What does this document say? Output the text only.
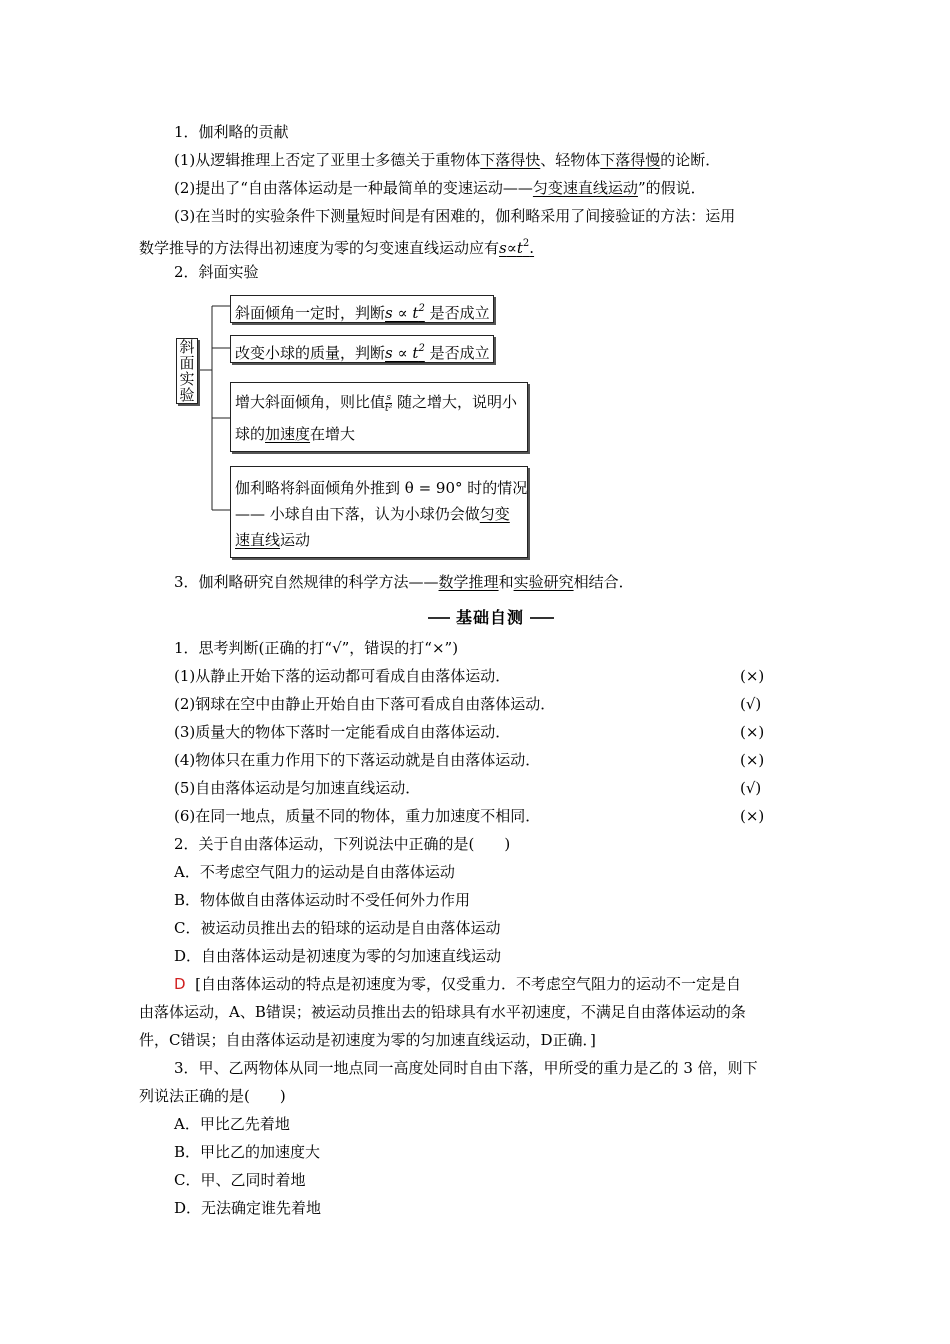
1．伽利略的贡献
(1)从逻辑推理上否定了亚里士多德关于重物体下落得快、轻物体下落得慢的论断．
(2)提出了“自由落体运动是一种最简单的变速运动——匀变速直线运动”的假说．
(3)在当时的实验条件下测量短时间是有困难的，伽利略采用了间接验证的方法：运用
数学推导的方法得出初速度为零的匀变速直线运动应有$s\propto t^2$.
2．斜面实验
斜面实验
斜面倾角一定时，判断$s \propto t^2$ 是否成立
改变小球的质量，判断$s \propto t^2$ 是否成立
增大斜面倾角，则比值 $\frac{s}{\text{t²}}$ 随之增大，说明小
球的加速度在增大
伽利略将斜面倾角外推到 θ = 90° 时的情况
—— 小球自由下落，认为小球仍会做匀变
速直线运动
3．伽利略研究自然规律的科学方法——数学推理和实验研究相结合．
基础自测
1．思考判断(正确的打“√”，错误的打“×”)
(1)从静止开始下落的运动都可看成自由落体运动．	(×)
(2)钢球在空中由静止开始自由下落可看成自由落体运动．	(√)
(3)质量大的物体下落时一定能看成自由落体运动．	(×)
(4)物体只在重力作用下的下落运动就是自由落体运动．	(×)
(5)自由落体运动是匀加速直线运动．	(√)
(6)在同一地点，质量不同的物体，重力加速度不相同．	(×)
2．关于自由落体运动，下列说法中正确的是(　　)
A．不考虑空气阻力的运动是自由落体运动
B．物体做自由落体运动时不受任何外力作用
C．被运动员推出去的铅球的运动是自由落体运动
D．自由落体运动是初速度为零的匀加速直线运动
D [自由落体运动的特点是初速度为零，仅受重力．不考虑空气阻力的运动不一定是自
由落体运动，A、B错误；被运动员推出去的铅球具有水平初速度，不满足自由落体运动的条
件，C错误；自由落体运动是初速度为零的匀加速直线运动，D正确．]
3．甲、乙两物体从同一地点同一高度处同时自由下落，甲所受的重力是乙的 3 倍，则下
列说法正确的是(　　)
A．甲比乙先着地
B．甲比乙的加速度大
C．甲、乙同时着地
D．无法确定谁先着地
